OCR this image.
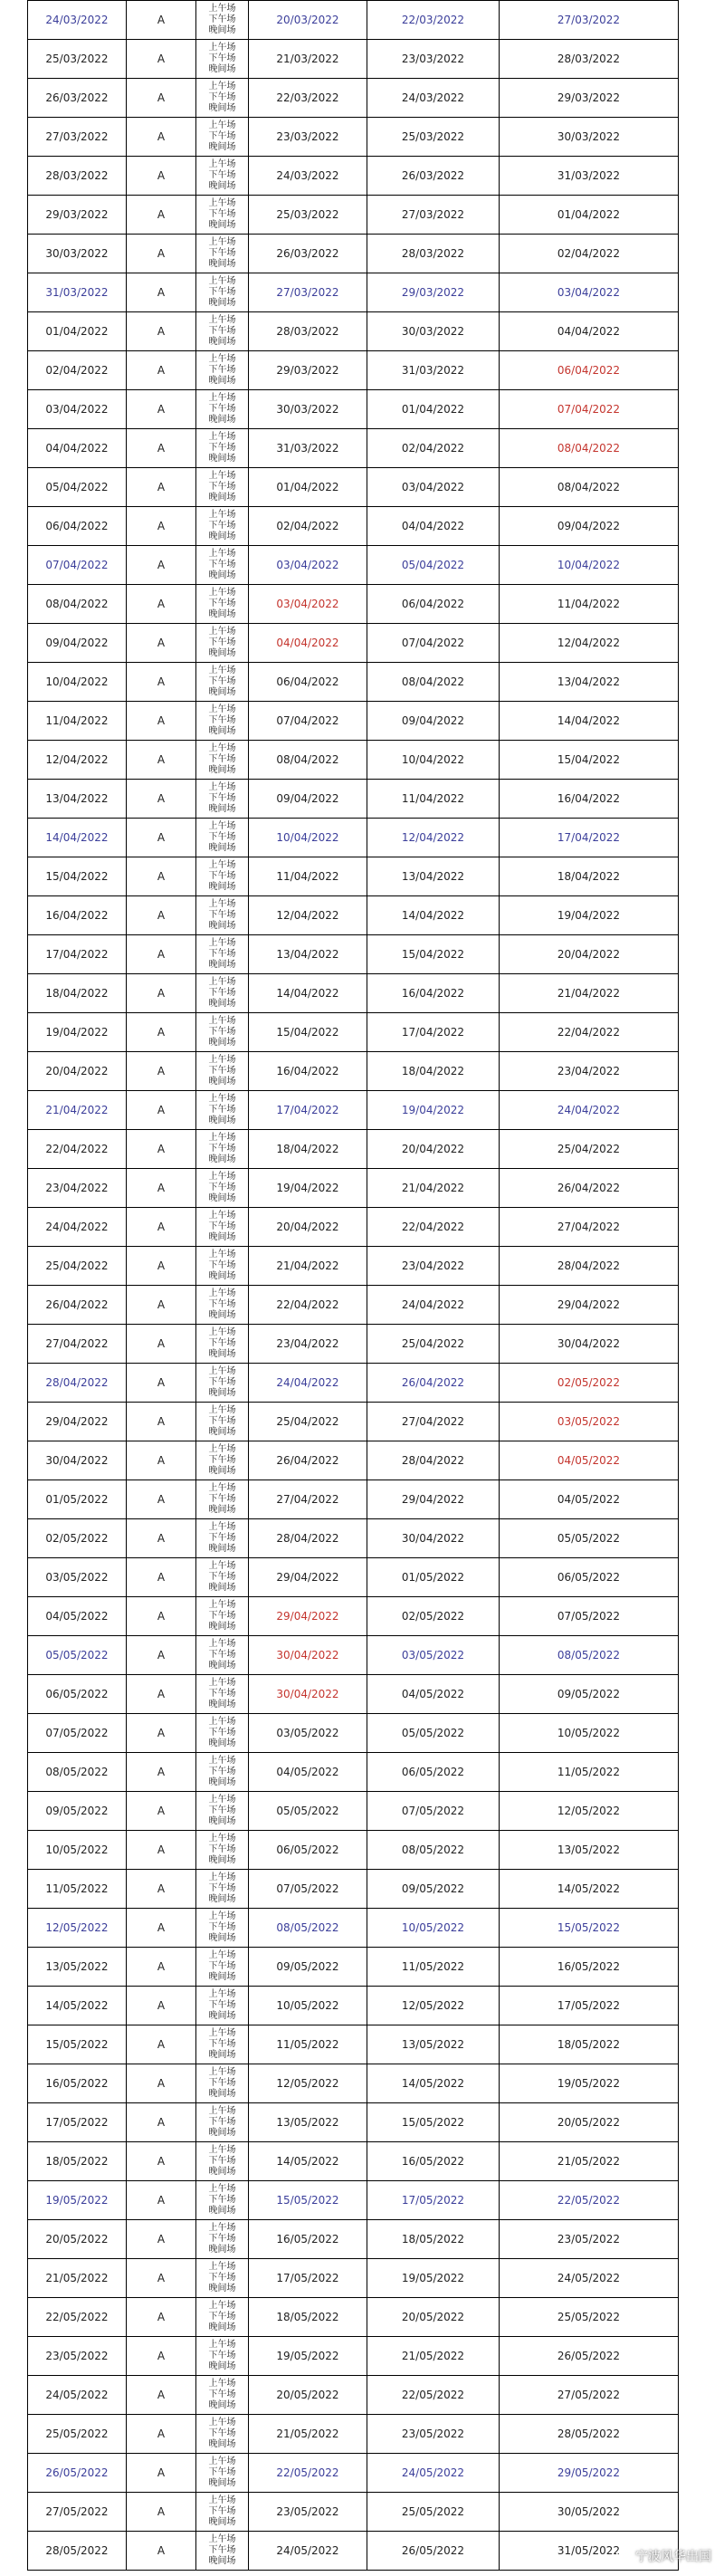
24/03/2022	A	上午场
下午场
晚间场	20/03/2022	22/03/2022	27/03/2022
25/03/2022	A	上午场
下午场
晚间场	21/03/2022	23/03/2022	28/03/2022
26/03/2022	A	上午场
下午场
晚间场	22/03/2022	24/03/2022	29/03/2022
27/03/2022	A	上午场
下午场
晚间场	23/03/2022	25/03/2022	30/03/2022
28/03/2022	A	上午场
下午场
晚间场	24/03/2022	26/03/2022	31/03/2022
29/03/2022	A	上午场
下午场
晚间场	25/03/2022	27/03/2022	01/04/2022
30/03/2022	A	上午场
下午场
晚间场	26/03/2022	28/03/2022	02/04/2022
31/03/2022	A	上午场
下午场
晚间场	27/03/2022	29/03/2022	03/04/2022
01/04/2022	A	上午场
下午场
晚间场	28/03/2022	30/03/2022	04/04/2022
02/04/2022	A	上午场
下午场
晚间场	29/03/2022	31/03/2022	06/04/2022
03/04/2022	A	上午场
下午场
晚间场	30/03/2022	01/04/2022	07/04/2022
04/04/2022	A	上午场
下午场
晚间场	31/03/2022	02/04/2022	08/04/2022
05/04/2022	A	上午场
下午场
晚间场	01/04/2022	03/04/2022	08/04/2022
06/04/2022	A	上午场
下午场
晚间场	02/04/2022	04/04/2022	09/04/2022
07/04/2022	A	上午场
下午场
晚间场	03/04/2022	05/04/2022	10/04/2022
08/04/2022	A	上午场
下午场
晚间场	03/04/2022	06/04/2022	11/04/2022
09/04/2022	A	上午场
下午场
晚间场	04/04/2022	07/04/2022	12/04/2022
10/04/2022	A	上午场
下午场
晚间场	06/04/2022	08/04/2022	13/04/2022
11/04/2022	A	上午场
下午场
晚间场	07/04/2022	09/04/2022	14/04/2022
12/04/2022	A	上午场
下午场
晚间场	08/04/2022	10/04/2022	15/04/2022
13/04/2022	A	上午场
下午场
晚间场	09/04/2022	11/04/2022	16/04/2022
14/04/2022	A	上午场
下午场
晚间场	10/04/2022	12/04/2022	17/04/2022
15/04/2022	A	上午场
下午场
晚间场	11/04/2022	13/04/2022	18/04/2022
16/04/2022	A	上午场
下午场
晚间场	12/04/2022	14/04/2022	19/04/2022
17/04/2022	A	上午场
下午场
晚间场	13/04/2022	15/04/2022	20/04/2022
18/04/2022	A	上午场
下午场
晚间场	14/04/2022	16/04/2022	21/04/2022
19/04/2022	A	上午场
下午场
晚间场	15/04/2022	17/04/2022	22/04/2022
20/04/2022	A	上午场
下午场
晚间场	16/04/2022	18/04/2022	23/04/2022
21/04/2022	A	上午场
下午场
晚间场	17/04/2022	19/04/2022	24/04/2022
22/04/2022	A	上午场
下午场
晚间场	18/04/2022	20/04/2022	25/04/2022
23/04/2022	A	上午场
下午场
晚间场	19/04/2022	21/04/2022	26/04/2022
24/04/2022	A	上午场
下午场
晚间场	20/04/2022	22/04/2022	27/04/2022
25/04/2022	A	上午场
下午场
晚间场	21/04/2022	23/04/2022	28/04/2022
26/04/2022	A	上午场
下午场
晚间场	22/04/2022	24/04/2022	29/04/2022
27/04/2022	A	上午场
下午场
晚间场	23/04/2022	25/04/2022	30/04/2022
28/04/2022	A	上午场
下午场
晚间场	24/04/2022	26/04/2022	02/05/2022
29/04/2022	A	上午场
下午场
晚间场	25/04/2022	27/04/2022	03/05/2022
30/04/2022	A	上午场
下午场
晚间场	26/04/2022	28/04/2022	04/05/2022
01/05/2022	A	上午场
下午场
晚间场	27/04/2022	29/04/2022	04/05/2022
02/05/2022	A	上午场
下午场
晚间场	28/04/2022	30/04/2022	05/05/2022
03/05/2022	A	上午场
下午场
晚间场	29/04/2022	01/05/2022	06/05/2022
04/05/2022	A	上午场
下午场
晚间场	29/04/2022	02/05/2022	07/05/2022
05/05/2022	A	上午场
下午场
晚间场	30/04/2022	03/05/2022	08/05/2022
06/05/2022	A	上午场
下午场
晚间场	30/04/2022	04/05/2022	09/05/2022
07/05/2022	A	上午场
下午场
晚间场	03/05/2022	05/05/2022	10/05/2022
08/05/2022	A	上午场
下午场
晚间场	04/05/2022	06/05/2022	11/05/2022
09/05/2022	A	上午场
下午场
晚间场	05/05/2022	07/05/2022	12/05/2022
10/05/2022	A	上午场
下午场
晚间场	06/05/2022	08/05/2022	13/05/2022
11/05/2022	A	上午场
下午场
晚间场	07/05/2022	09/05/2022	14/05/2022
12/05/2022	A	上午场
下午场
晚间场	08/05/2022	10/05/2022	15/05/2022
13/05/2022	A	上午场
下午场
晚间场	09/05/2022	11/05/2022	16/05/2022
14/05/2022	A	上午场
下午场
晚间场	10/05/2022	12/05/2022	17/05/2022
15/05/2022	A	上午场
下午场
晚间场	11/05/2022	13/05/2022	18/05/2022
16/05/2022	A	上午场
下午场
晚间场	12/05/2022	14/05/2022	19/05/2022
17/05/2022	A	上午场
下午场
晚间场	13/05/2022	15/05/2022	20/05/2022
18/05/2022	A	上午场
下午场
晚间场	14/05/2022	16/05/2022	21/05/2022
19/05/2022	A	上午场
下午场
晚间场	15/05/2022	17/05/2022	22/05/2022
20/05/2022	A	上午场
下午场
晚间场	16/05/2022	18/05/2022	23/05/2022
21/05/2022	A	上午场
下午场
晚间场	17/05/2022	19/05/2022	24/05/2022
22/05/2022	A	上午场
下午场
晚间场	18/05/2022	20/05/2022	25/05/2022
23/05/2022	A	上午场
下午场
晚间场	19/05/2022	21/05/2022	26/05/2022
24/05/2022	A	上午场
下午场
晚间场	20/05/2022	22/05/2022	27/05/2022
25/05/2022	A	上午场
下午场
晚间场	21/05/2022	23/05/2022	28/05/2022
26/05/2022	A	上午场
下午场
晚间场	22/05/2022	24/05/2022	29/05/2022
27/05/2022	A	上午场
下午场
晚间场	23/05/2022	25/05/2022	30/05/2022
28/05/2022	A	上午场
下午场
晚间场	24/05/2022	26/05/2022	31/05/2022 宁波风华出国
